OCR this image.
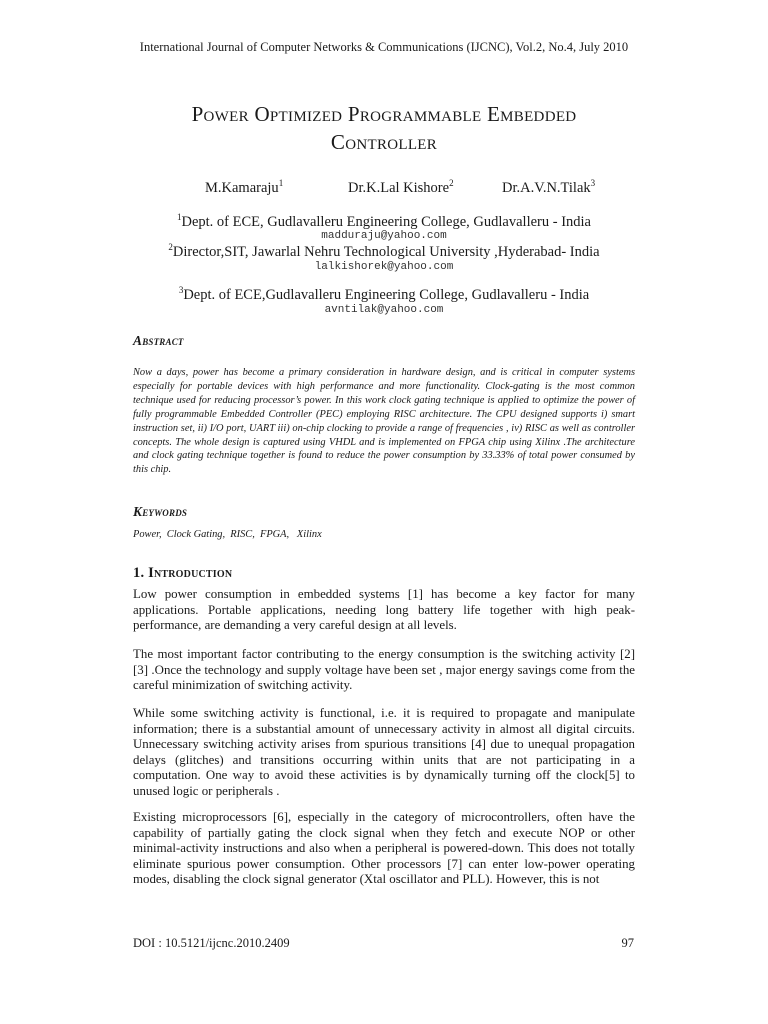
International Journal of Computer Networks & Communications (IJCNC), Vol.2, No.4, July 2010
Power Optimized Programmable Embedded
Controller
M.Kamaraju$^1$	Dr.K.Lal Kishore$^2$	Dr.A.V.N.Tilak$^3$
$^1$Dept. of ECE, Gudlavalleru Engineering College, Gudlavalleru - India
madduraju@yahoo.com
$^2$Director,SIT, Jawarlal Nehru Technological University ,Hyderabad- India
lalkishorek@yahoo.com
$^3$Dept. of ECE,Gudlavalleru Engineering College, Gudlavalleru - India
avntilak@yahoo.com
Abstract
Now a days, power has become a primary consideration in hardware design, and is critical in computer systems especially for portable devices with high performance and more functionality. Clock-gating is the most common technique used for reducing processor’s power. In this work clock gating technique is applied to optimize the power of fully programmable Embedded Controller (PEC) employing RISC architecture. The CPU designed supports i) smart instruction set, ii) I/O port, UART iii) on-chip clocking to provide a range of frequencies , iv) RISC as well as controller concepts. The whole design is captured using VHDL and is implemented on FPGA chip using Xilinx .The architecture and clock gating technique together is found to reduce the power consumption by 33.33% of total power consumed by this chip.
Keywords
Power,  Clock Gating,  RISC,  FPGA,   Xilinx
1. Introduction
Low power consumption in embedded systems [1] has become a key factor for many applications. Portable applications, needing long battery life together with high peak- performance, are demanding a very careful design at all levels.
The most important factor contributing to the energy consumption is the switching activity [2] [3] .Once the technology and supply voltage have been set , major energy savings come from the careful minimization of switching activity.
While some switching activity is functional, i.e. it is required to propagate and manipulate information; there is a substantial amount of unnecessary activity in almost all digital circuits. Unnecessary switching activity arises from spurious transitions [4] due to unequal propagation delays (glitches) and transitions occurring within units that are not participating in a computation. One way to avoid these activities is by dynamically turning off the clock[5] to unused logic or peripherals .
Existing microprocessors [6], especially in the category of microcontrollers, often have the capability of partially gating the clock signal when they fetch and execute NOP or other minimal-activity instructions and also when a peripheral is powered-down. This does not totally eliminate spurious power consumption. Other processors [7] can enter low-power operating modes, disabling the clock signal generator (Xtal oscillator and PLL). However, this is not
DOI : 10.5121/ijcnc.2010.2409	97
